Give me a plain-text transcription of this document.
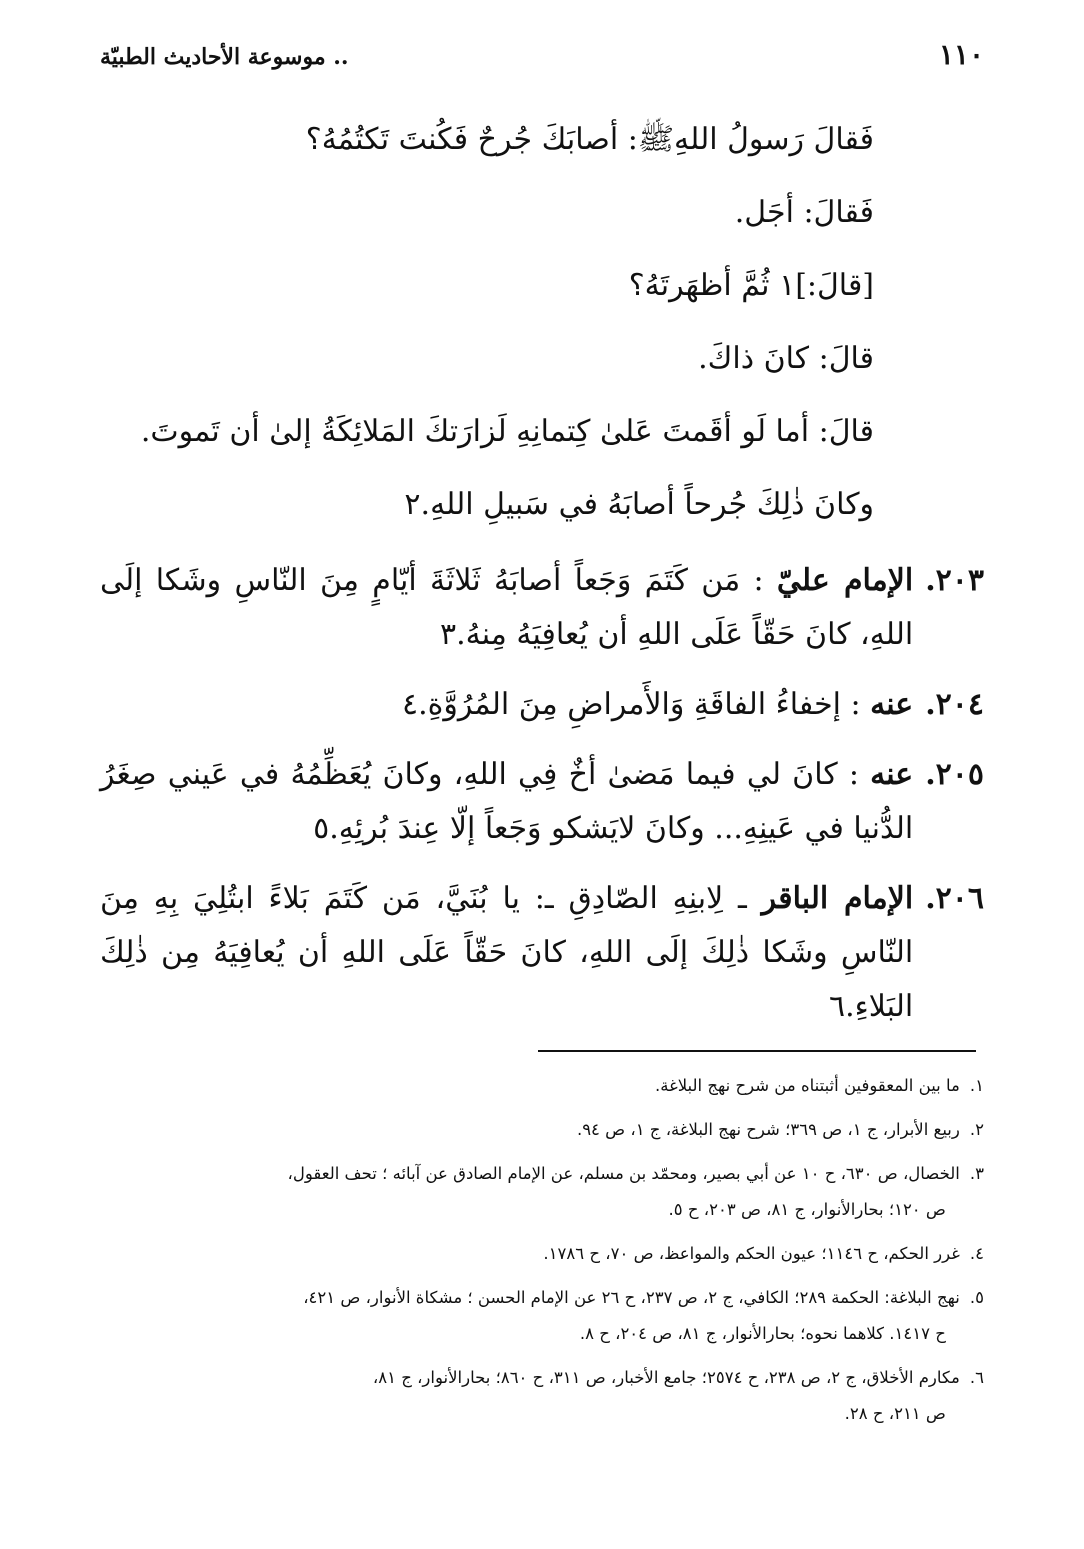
١١٠
.. موسوعة الأحاديث الطبيّة

فَقالَ رَسولُ اللهِﷺ: أصابَكَ جُرحٌ فَكُنتَ تَكتُمُهُ؟

فَقالَ: أجَل.

[قالَ:]١ ثُمَّ أظهَرتَهُ؟

قالَ: كانَ ذاكَ.

قالَ: أما لَو أقَمتَ عَلىٰ كِتمانِهِ لَزارَتكَ المَلائِكَةُ إلىٰ أن تَموتَ.

وكانَ ذٰلِكَ جُرحاً أصابَهُ في سَبيلِ اللهِ.٢

٢٠٣.
الإمام عليّ : مَن كَتَمَ وَجَعاً أصابَهُ ثَلاثَةَ أيّامٍ مِنَ النّاسِ وشَكا إلَى اللهِ، كانَ حَقّاً عَلَى اللهِ أن يُعافِيَهُ مِنهُ.٣
٢٠٤.
عنه : إخفاءُ الفاقَةِ وَالأَمراضِ مِنَ المُرُوَّةِ.٤
٢٠٥.
عنه : كانَ لي فيما مَضىٰ أخٌ فِي اللهِ، وكانَ يُعَظِّمُهُ في عَيني صِغَرُ الدُّنيا في عَينِهِ... وكانَ لايَشكو وَجَعاً إلّا عِندَ بُرئِهِ.٥
٢٠٦.
الإمام الباقر ـ لِابنِهِ الصّادِقِ ـ: يا بُنَيَّ، مَن كَتَمَ بَلاءً ابتُلِيَ بِهِ مِنَ النّاسِ وشَكا ذٰلِكَ إلَى اللهِ، كانَ حَقّاً عَلَى اللهِ أن يُعافِيَهُ مِن ذٰلِكَ البَلاءِ.٦
١.
ما بين المعقوفين أثبتناه من شرح نهج البلاغة.
٢.
ربيع الأبرار، ج ١، ص ٣٦٩؛ شرح نهج البلاغة، ج ١، ص ٩٤.
٣.
الخصال، ص ٦٣٠، ح ١٠ عن أبي بصير، ومحمّد بن مسلم، عن الإمام الصادق عن آبائه ؛ تحف العقول،
ص ١٢٠؛ بحارالأنوار، ج ٨١، ص ٢٠٣، ح ٥.
٤.
غرر الحكم، ح ١١٤٦؛ عيون الحكم والمواعظ، ص ٧٠، ح ١٧٨٦.
٥.
نهج البلاغة: الحكمة ٢٨٩؛ الكافي، ج ٢، ص ٢٣٧، ح ٢٦ عن الإمام الحسن ؛ مشكاة الأنوار، ص ٤٢١،
ح ١٤١٧. كلاهما نحوه؛ بحارالأنوار، ج ٨١، ص ٢٠٤، ح ٨.
٦.
مكارم الأخلاق، ج ٢، ص ٢٣٨، ح ٢٥٧٤؛ جامع الأخبار، ص ٣١١، ح ٨٦٠؛ بحارالأنوار، ج ٨١،
ص ٢١١، ح ٢٨.
